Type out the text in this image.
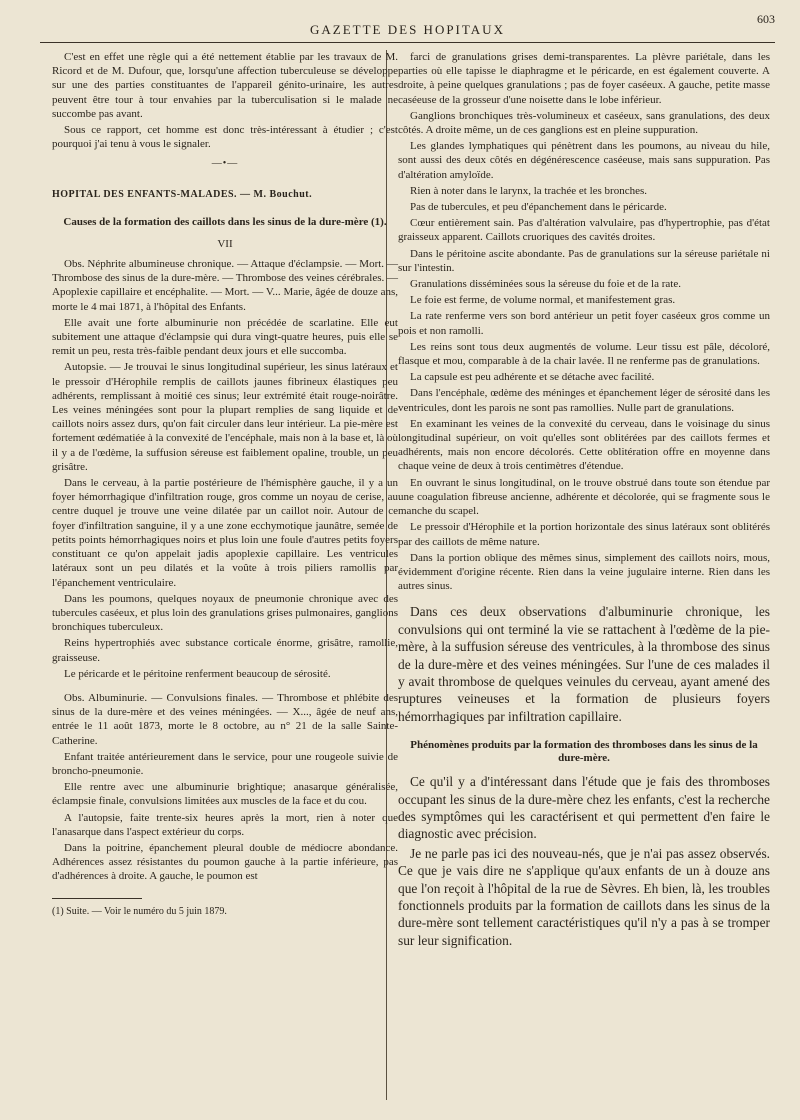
GAZETTE DES HOPITAUX
603

C'est en effet une règle qui a été nettement établie par les travaux de M. Ricord et de M. Dufour, que, lorsqu'une affection tuberculeuse se développe sur une des parties constituantes de l'appareil génito-urinaire, les autres peuvent être tour à tour envahies par la tuberculisation si le malade ne succombe pas avant.

Sous ce rapport, cet homme est donc très-intéressant à étudier ; c'est pourquoi j'ai tenu à vous le signaler.

—•—
HOPITAL DES ENFANTS-MALADES. — M. Bouchut.
Causes de la formation des caillots dans les sinus de la dure-mère (1).
VII

Obs. Néphrite albumineuse chronique. — Attaque d'éclampsie. — Mort. — Thrombose des sinus de la dure-mère. — Thrombose des veines cérébrales. — Apoplexie capillaire et encéphalite. — Mort. — V... Marie, âgée de douze ans, morte le 4 mai 1871, à l'hôpital des Enfants.

Elle avait une forte albuminurie non précédée de scarlatine. Elle eut subitement une attaque d'éclampsie qui dura vingt-quatre heures, puis elle se remit un peu, resta très-faible pendant deux jours et elle succomba.

Autopsie. — Je trouvai le sinus longitudinal supérieur, les sinus latéraux et le pressoir d'Hérophile remplis de caillots jaunes fibrineux élastiques peu adhérents, remplissant à moitié ces sinus; leur extrémité était rouge-noirâtre. Les veines méningées sont pour la plupart remplies de sang liquide et de caillots noirs assez durs, qu'on fait circuler dans leur intérieur. La pie-mère est fortement œdématiée à la convexité de l'encéphale, mais non à la base et, là où il y a de l'œdème, la suffusion séreuse est faiblement opaline, trouble, un peu grisâtre.

Dans le cerveau, à la partie postérieure de l'hémisphère gauche, il y a un foyer hémorrhagique d'infiltration rouge, gros comme un noyau de cerise, au centre duquel je trouve une veine dilatée par un caillot noir. Autour de ce foyer d'infiltration sanguine, il y a une zone ecchymotique jaunâtre, semée de petits points hémorrhagiques noirs et plus loin une foule d'autres petits foyers constituant ce qu'on appelait jadis apoplexie capillaire. Les ventricules latéraux sont un peu dilatés et la voûte à trois piliers ramollis par l'épanchement ventriculaire.

Dans les poumons, quelques noyaux de pneumonie chronique avec des tubercules caséeux, et plus loin des granulations grises pulmonaires, ganglions bronchiques tuberculeux.

Reins hypertrophiés avec substance corticale énorme, grisâtre, ramollie, graisseuse.

Le péricarde et le péritoine renferment beaucoup de sérosité.

Obs. Albuminurie. — Convulsions finales. — Thrombose et phlébite des sinus de la dure-mère et des veines méningées. — X..., âgée de neuf ans, entrée le 11 août 1873, morte le 8 octobre, au n° 21 de la salle Sainte-Catherine.

Enfant traitée antérieurement dans le service, pour une rougeole suivie de broncho-pneumonie.

Elle rentre avec une albuminurie brightique; anasarque généralisée, éclampsie finale, convulsions limitées aux muscles de la face et du cou.

A l'autopsie, faite trente-six heures après la mort, rien à noter que l'anasarque dans l'aspect extérieur du corps.

Dans la poitrine, épanchement pleural double de médiocre abondance. Adhérences assez résistantes du poumon gauche à la partie inférieure, pas d'adhérences à droite. A gauche, le poumon est

(1) Suite. — Voir le numéro du 5 juin 1879.

farci de granulations grises demi-transparentes. La plèvre pariétale, dans les parties où elle tapisse le diaphragme et le péricarde, en est également couverte. A droite, à peine quelques granulations ; pas de foyer caséeux. A gauche, petite masse caséeuse de la grosseur d'une noisette dans le lobe inférieur.

Ganglions bronchiques très-volumineux et caséeux, sans granulations, des deux côtés. A droite même, un de ces ganglions est en pleine suppuration.

Les glandes lymphatiques qui pénètrent dans les poumons, au niveau du hile, sont aussi des deux côtés en dégénérescence caséeuse, mais sans suppuration. Pas d'altération amyloïde.

Rien à noter dans le larynx, la trachée et les bronches.

Pas de tubercules, et peu d'épanchement dans le péricarde.

Cœur entièrement sain. Pas d'altération valvulaire, pas d'hypertrophie, pas d'état graisseux apparent. Caillots cruoriques des cavités droites.

Dans le péritoine ascite abondante. Pas de granulations sur la séreuse pariétale ni sur l'intestin.

Granulations disséminées sous la séreuse du foie et de la rate.

Le foie est ferme, de volume normal, et manifestement gras.

La rate renferme vers son bord antérieur un petit foyer caséeux gros comme un pois et non ramolli.

Les reins sont tous deux augmentés de volume. Leur tissu est pâle, décoloré, flasque et mou, comparable à de la chair lavée. Il ne renferme pas de granulations.

La capsule est peu adhérente et se détache avec facilité.

Dans l'encéphale, œdème des méninges et épanchement léger de sérosité dans les ventricules, dont les parois ne sont pas ramollies. Nulle part de granulations.

En examinant les veines de la convexité du cerveau, dans le voisinage du sinus longitudinal supérieur, on voit qu'elles sont oblitérées par des caillots fermes et adhérents, mais non encore décolorés. Cette oblitération offre en moyenne dans chaque veine de deux à trois centimètres d'étendue.

En ouvrant le sinus longitudinal, on le trouve obstrué dans toute son étendue par une coagulation fibreuse ancienne, adhérente et décolorée, qui se fragmente sous le manche du scapel.

Le pressoir d'Hérophile et la portion horizontale des sinus latéraux sont oblitérés par des caillots de même nature.

Dans la portion oblique des mêmes sinus, simplement des caillots noirs, mous, évidemment d'origine récente. Rien dans la veine jugulaire interne. Rien dans les autres sinus.

Dans ces deux observations d'albuminurie chronique, les convulsions qui ont terminé la vie se rattachent à l'œdème de la pie-mère, à la suffusion séreuse des ventricules, à la thrombose des sinus de la dure-mère et des veines méningées. Sur l'une de ces malades il y avait thrombose de quelques veinules du cerveau, ayant amené des ruptures veineuses et la formation de plusieurs foyers hémorrhagiques par infiltration capillaire.

Phénomènes produits par la formation des thromboses dans les sinus de la dure-mère.

Ce qu'il y a d'intéressant dans l'étude que je fais des thromboses occupant les sinus de la dure-mère chez les enfants, c'est la recherche des symptômes qui les caractérisent et qui permettent d'en faire le diagnostic avec précision.

Je ne parle pas ici des nouveau-nés, que je n'ai pas assez observés. Ce que je vais dire ne s'applique qu'aux enfants de un à douze ans que l'on reçoit à l'hôpital de la rue de Sèvres. Eh bien, là, les troubles fonctionnels produits par la formation de caillots dans les sinus de la dure-mère sont tellement caractéristiques qu'il n'y a pas à se tromper sur leur signification.
